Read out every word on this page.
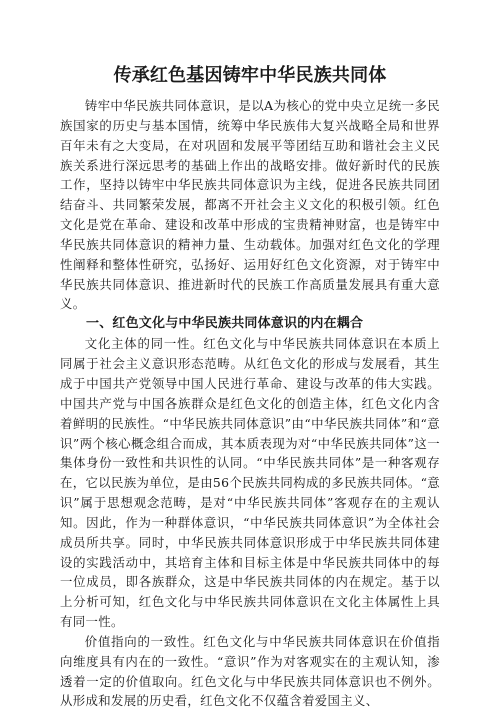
传承红色基因铸牢中华民族共同体

铸牢中华民族共同体意识，是以A为核心的党中央立足统一多民族国家的历史与基本国情，统筹中华民族伟大复兴战略全局和世界百年未有之大变局，在对巩固和发展平等团结互助和谐社会主义民族关系进行深远思考的基础上作出的战略安排。做好新时代的民族工作，坚持以铸牢中华民族共同体意识为主线，促进各民族共同团结奋斗、共同繁荣发展，都离不开社会主义文化的积极引领。红色文化是党在革命、建设和改革中形成的宝贵精神财富，也是铸牢中华民族共同体意识的精神力量、生动载体。加强对红色文化的学理性阐释和整体性研究，弘扬好、运用好红色文化资源，对于铸牢中华民族共同体意识、推进新时代的民族工作高质量发展具有重大意义。

一、红色文化与中华民族共同体意识的内在耦合

文化主体的同一性。红色文化与中华民族共同体意识在本质上同属于社会主义意识形态范畴。从红色文化的形成与发展看，其生成于中国共产党领导中国人民进行革命、建设与改革的伟大实践。中国共产党与中国各族群众是红色文化的创造主体，红色文化内含着鲜明的民族性。“中华民族共同体意识”由“中华民族共同体”和“意识”两个核心概念组合而成，其本质表现为对“中华民族共同体”这一集体身份一致性和共识性的认同。“中华民族共同体”是一种客观存在，它以民族为单位，是由56个民族共同构成的多民族共同体。“意识”属于思想观念范畴，是对“中华民族共同体”客观存在的主观认知。因此，作为一种群体意识，“中华民族共同体意识”为全体社会成员所共享。同时，中华民族共同体意识形成于中华民族共同体建设的实践活动中，其培育主体和目标主体是中华民族共同体中的每一位成员，即各族群众，这是中华民族共同体的内在规定。基于以上分析可知，红色文化与中华民族共同体意识在文化主体属性上具有同一性。

价值指向的一致性。红色文化与中华民族共同体意识在价值指向维度具有内在的一致性。“意识”作为对客观实在的主观认知，渗透着一定的价值取向。红色文化与中华民族共同体意识也不例外。从形成和发展的历史看，红色文化不仅蕴含着爱国主义、
